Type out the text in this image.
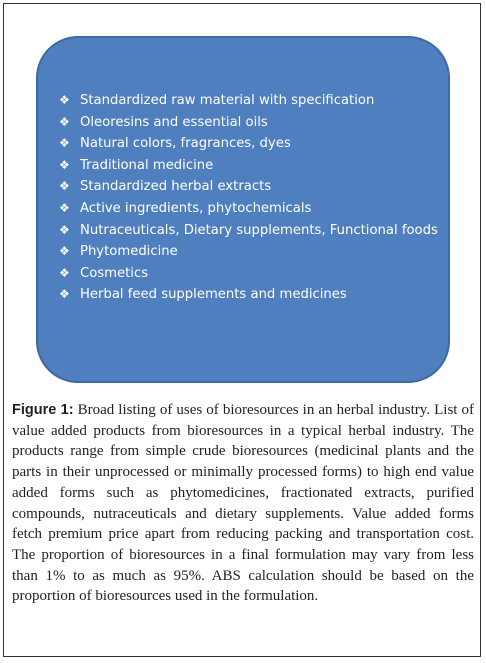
❖ Standardized raw material with specification
❖ Oleoresins and essential oils
❖ Natural colors, fragrances, dyes
❖ Traditional medicine
❖ Standardized herbal extracts
❖ Active ingredients, phytochemicals
❖ Nutraceuticals, Dietary supplements, Functional foods
❖ Phytomedicine
❖ Cosmetics
❖ Herbal feed supplements and medicines

Figure 1: Broad listing of uses of bioresources in an herbal industry. List of value added products from bioresources in a typical herbal industry. The products range from simple crude bioresources (medicinal plants and the parts in their unprocessed or minimally processed forms) to high end value added forms such as phytomedicines, fractionated extracts, purified compounds, nutraceuticals and dietary supplements. Value added forms fetch premium price apart from reducing packing and transportation cost. The proportion of bioresources in a final formulation may vary from less than 1% to as much as 95%. ABS calculation should be based on the proportion of bioresources used in the formulation.
